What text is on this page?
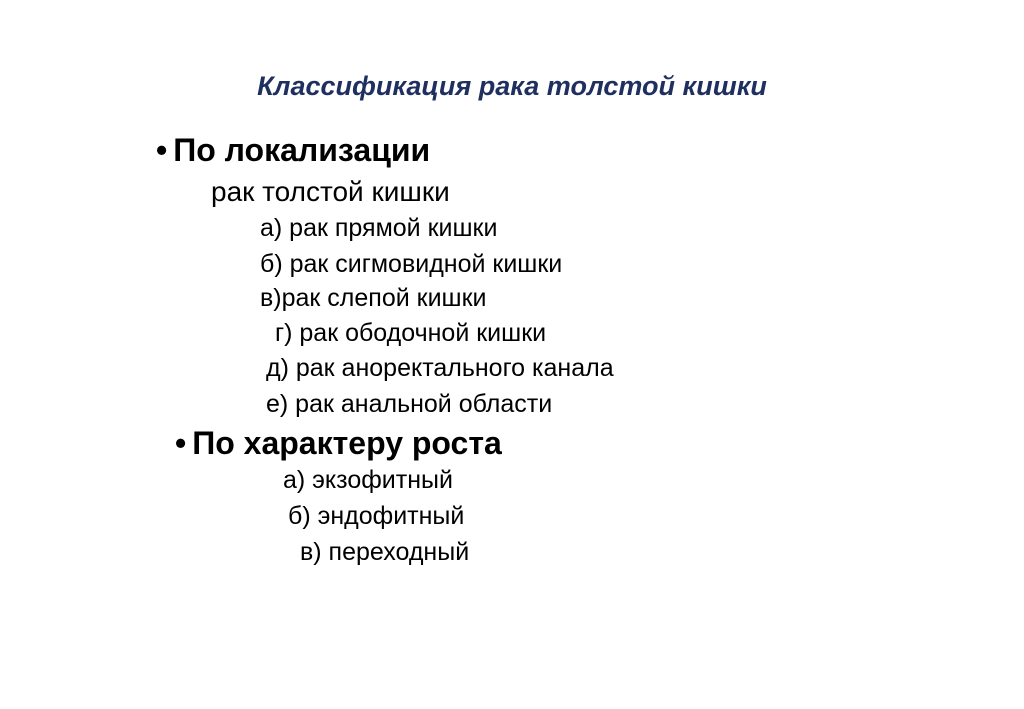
Классификация рака толстой кишки
• По локализации
рак толстой кишки
а) рак прямой кишки
б) рак сигмовидной кишки
в)рак слепой кишки
г) рак ободочной кишки
д) рак аноректального канала
е) рак анальной области
• По характеру роста
а) экзофитный
б) эндофитный
в) переходный
